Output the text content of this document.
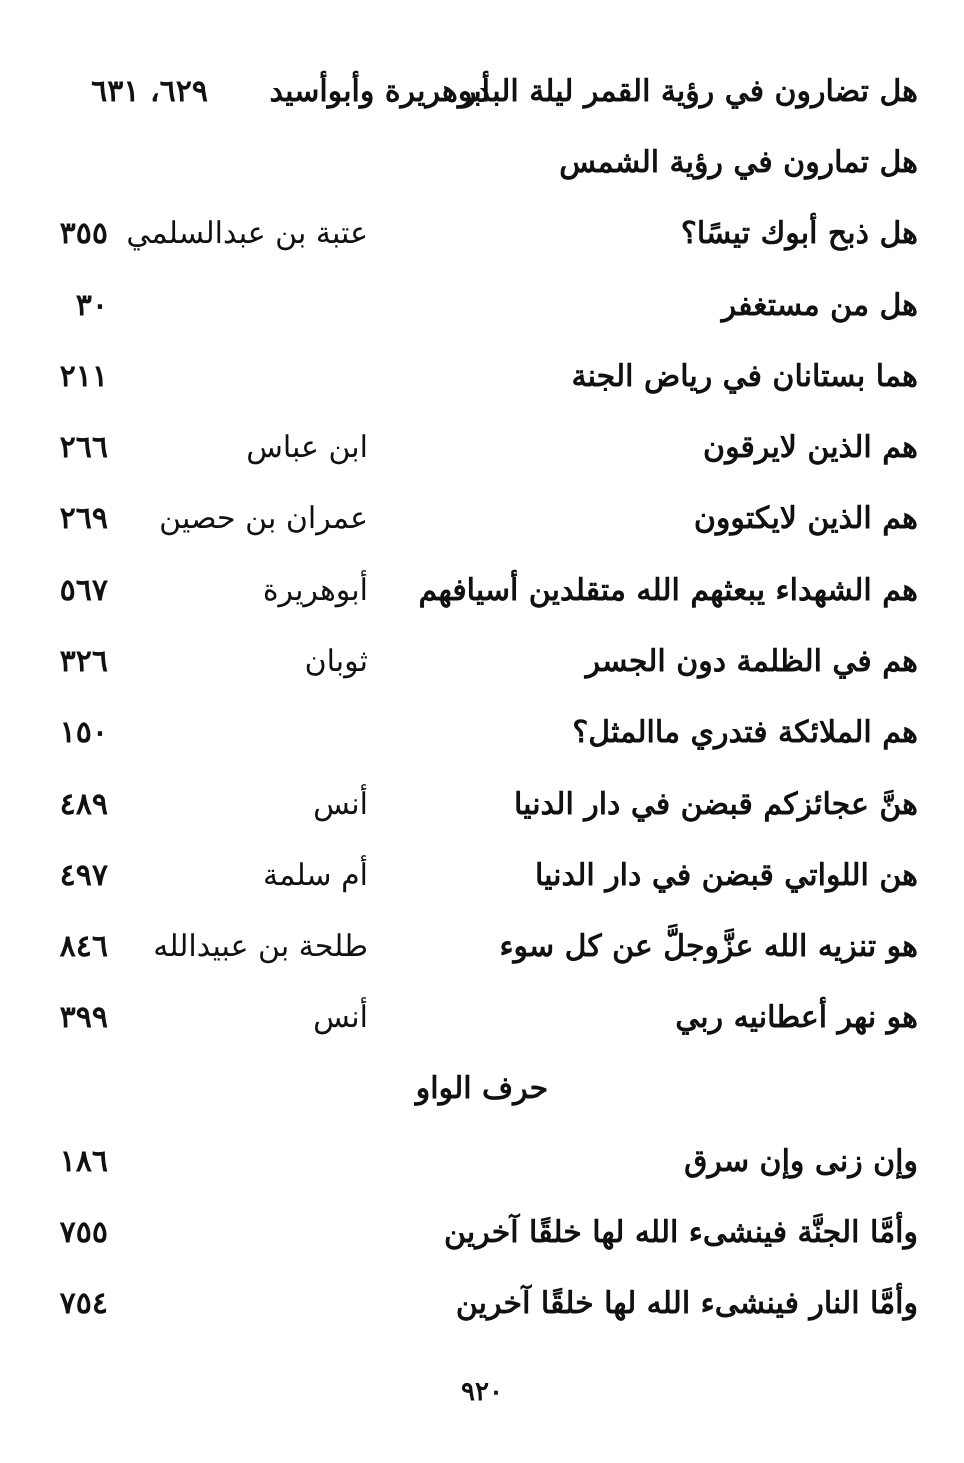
هل تضارون في رؤية القمر ليلة البدر
أبوهريرة وأبوأسيد
٦٢٩، ٦٣١
هل تمارون في رؤية الشمس
هل ذبح أبوك تيسًا؟
عتبة بن عبدالسلمي
٣٥٥
هل من مستغفر
٣٠
هما بستانان في رياض الجنة
٢١١
هم الذين لايرقون
ابن عباس
٢٦٦
هم الذين لايكتوون
عمران بن حصين
٢٦٩
هم الشهداء يبعثهم الله متقلدين أسيافهم
أبوهريرة
٥٦٧
هم في الظلمة دون الجسر
ثوبان
٣٢٦
هم الملائكة فتدري ماالمثل؟
١٥٠
هنَّ عجائزكم قبضن في دار الدنيا
أنس
٤٨٩
هن اللواتي قبضن في دار الدنيا
أم سلمة
٤٩٧
هو تنزيه الله عزَّوجلَّ عن كل سوء
طلحة بن عبيدالله
٨٤٦
هو نهر أعطانيه ربي
أنس
٣٩٩
حرف الواو
وإن زنى وإن سرق
١٨٦
وأمَّا الجنَّة فينشىء الله لها خلقًا آخرين
٧٥٥
وأمَّا النار فينشىء الله لها خلقًا آخرين
٧٥٤
٩٢٠
